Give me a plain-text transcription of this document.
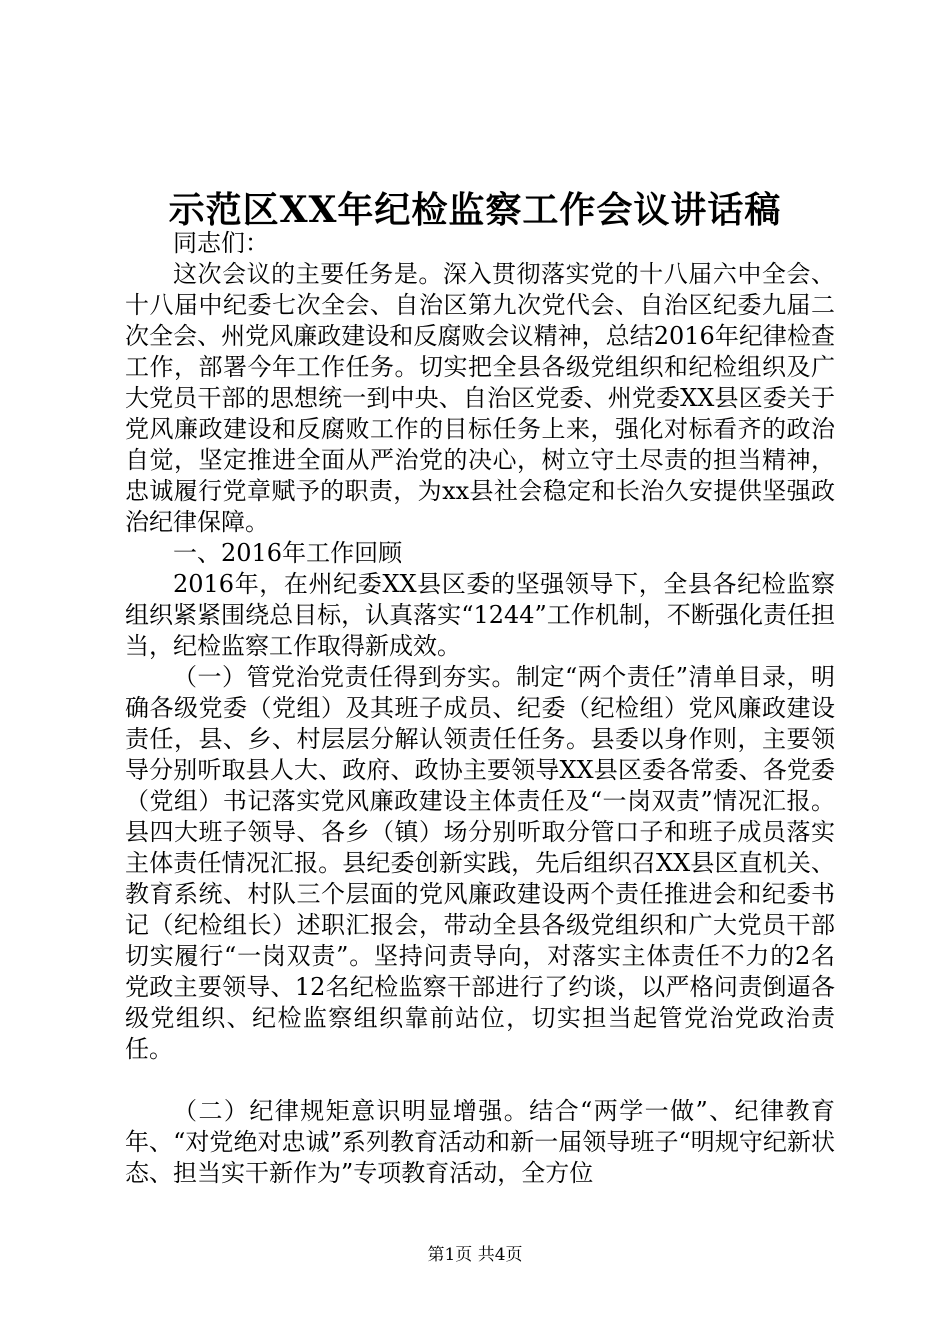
示范区XX年纪检监察工作会议讲话稿

同志们：

这次会议的主要任务是。深入贯彻落实党的十八届六中全会、十八届中纪委七次全会、自治区第九次党代会、自治区纪委九届二次全会、州党风廉政建设和反腐败会议精神，总结2016年纪律检查工作，部署今年工作任务。切实把全县各级党组织和纪检组织及广大党员干部的思想统一到中央、自治区党委、州党委XX县区委关于党风廉政建设和反腐败工作的目标任务上来，强化对标看齐的政治自觉，坚定推进全面从严治党的决心，树立守土尽责的担当精神，忠诚履行党章赋予的职责，为xx县社会稳定和长治久安提供坚强政治纪律保障。

一、2016年工作回顾

2016年，在州纪委XX县区委的坚强领导下，全县各纪检监察组织紧紧围绕总目标，认真落实“1244”工作机制，不断强化责任担当，纪检监察工作取得新成效。

（一）管党治党责任得到夯实。制定“两个责任”清单目录，明确各级党委（党组）及其班子成员、纪委（纪检组）党风廉政建设责任，县、乡、村层层分解认领责任任务。县委以身作则，主要领导分别听取县人大、政府、政协主要领导XX县区委各常委、各党委（党组）书记落实党风廉政建设主体责任及“一岗双责”情况汇报。县四大班子领导、各乡（镇）场分别听取分管口子和班子成员落实主体责任情况汇报。县纪委创新实践，先后组织召XX县区直机关、教育系统、村队三个层面的党风廉政建设两个责任推进会和纪委书记（纪检组长）述职汇报会，带动全县各级党组织和广大党员干部切实履行“一岗双责”。坚持问责导向，对落实主体责任不力的2名党政主要领导、12名纪检监察干部进行了约谈，以严格问责倒逼各级党组织、纪检监察组织靠前站位，切实担当起管党治党政治责任。

（二）纪律规矩意识明显增强。结合“两学一做”、纪律教育年、“对党绝对忠诚”系列教育活动和新一届领导班子“明规守纪新状态、担当实干新作为”专项教育活动，全方位

第1页 共4页
